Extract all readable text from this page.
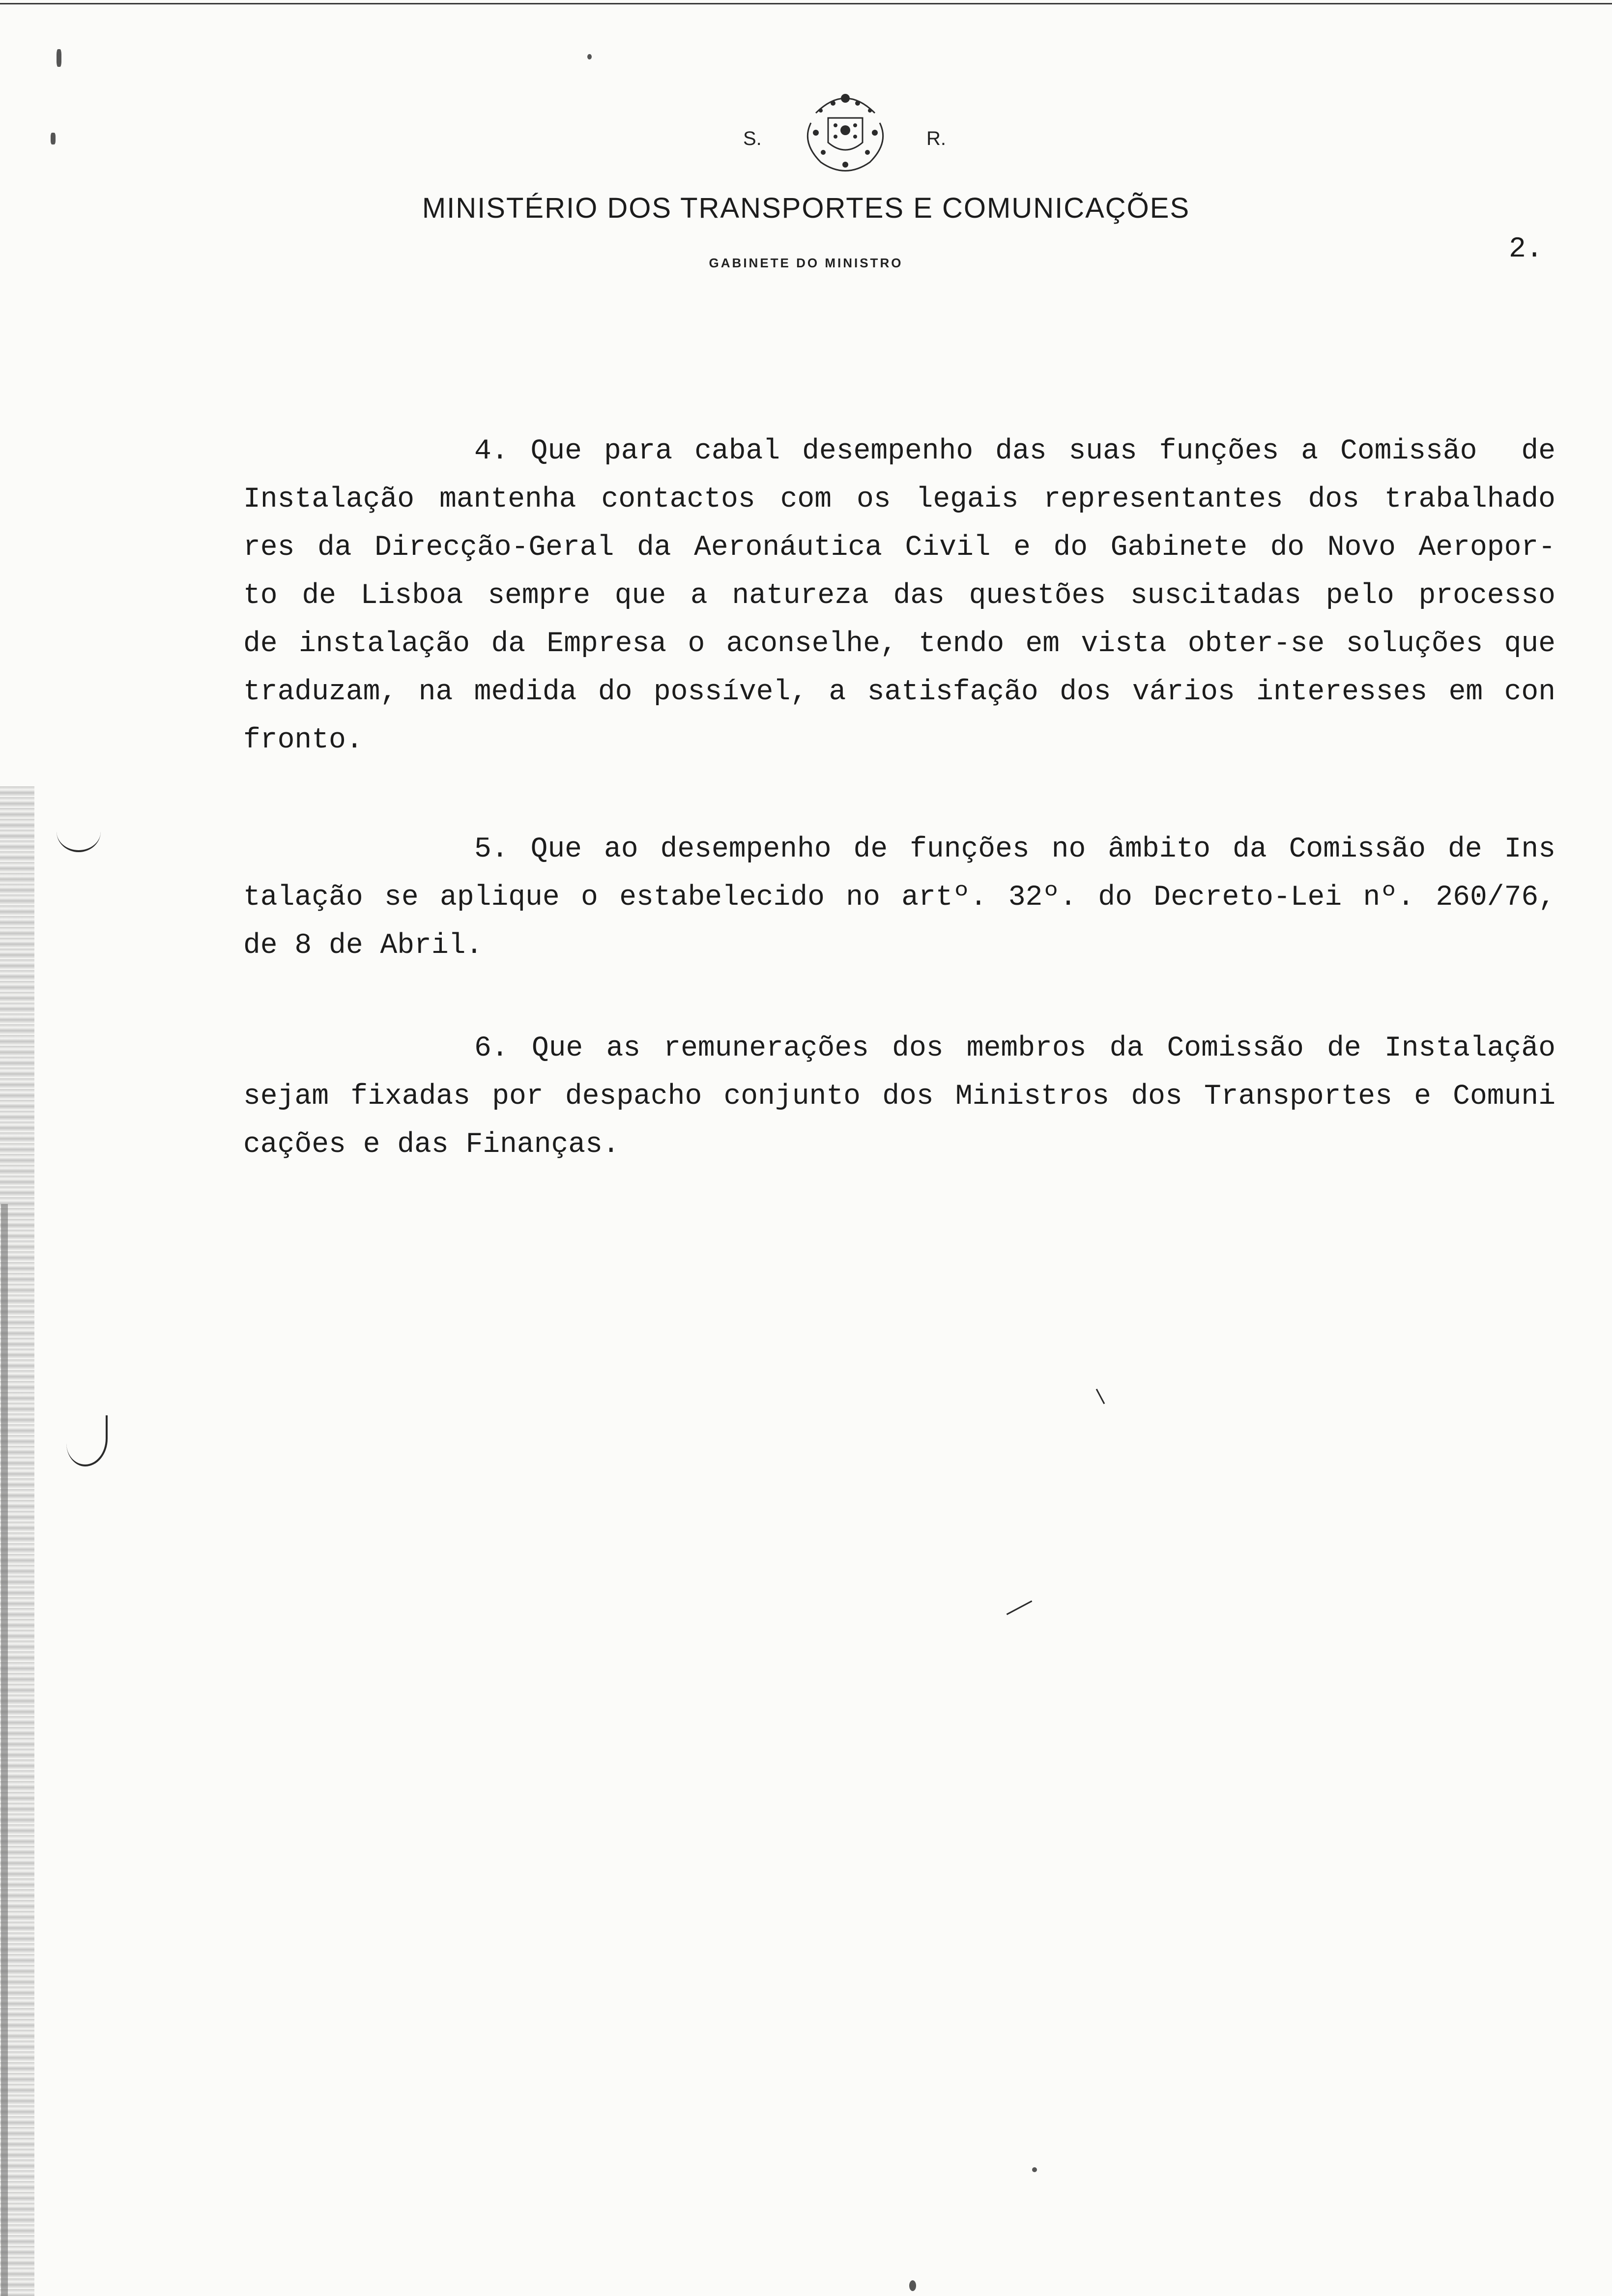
S.	R.
MINISTÉRIO DOS TRANSPORTES E COMUNICAÇÕES
GABINETE DO MINISTRO	2.
4. Que para cabal desempenho das suas funções a Comissão  de
Instalação mantenha contactos com os legais representantes dos trabalhado
res da Direcção-Geral da Aeronáutica Civil e do Gabinete do Novo Aeropor-
to de Lisboa sempre que a natureza das questões suscitadas pelo processo
de instalação da Empresa o aconselhe, tendo em vista obter-se soluções que
traduzam, na medida do possível, a satisfação dos vários interesses em con
fronto.
5. Que ao desempenho de funções no âmbito da Comissão de Ins
talação se aplique o estabelecido no artº. 32º. do Decreto-Lei nº. 260/76,
de 8 de Abril.
6. Que as remunerações dos membros da Comissão de Instalação
sejam fixadas por despacho conjunto dos Ministros dos Transportes e Comuni
cações e das Finanças.
